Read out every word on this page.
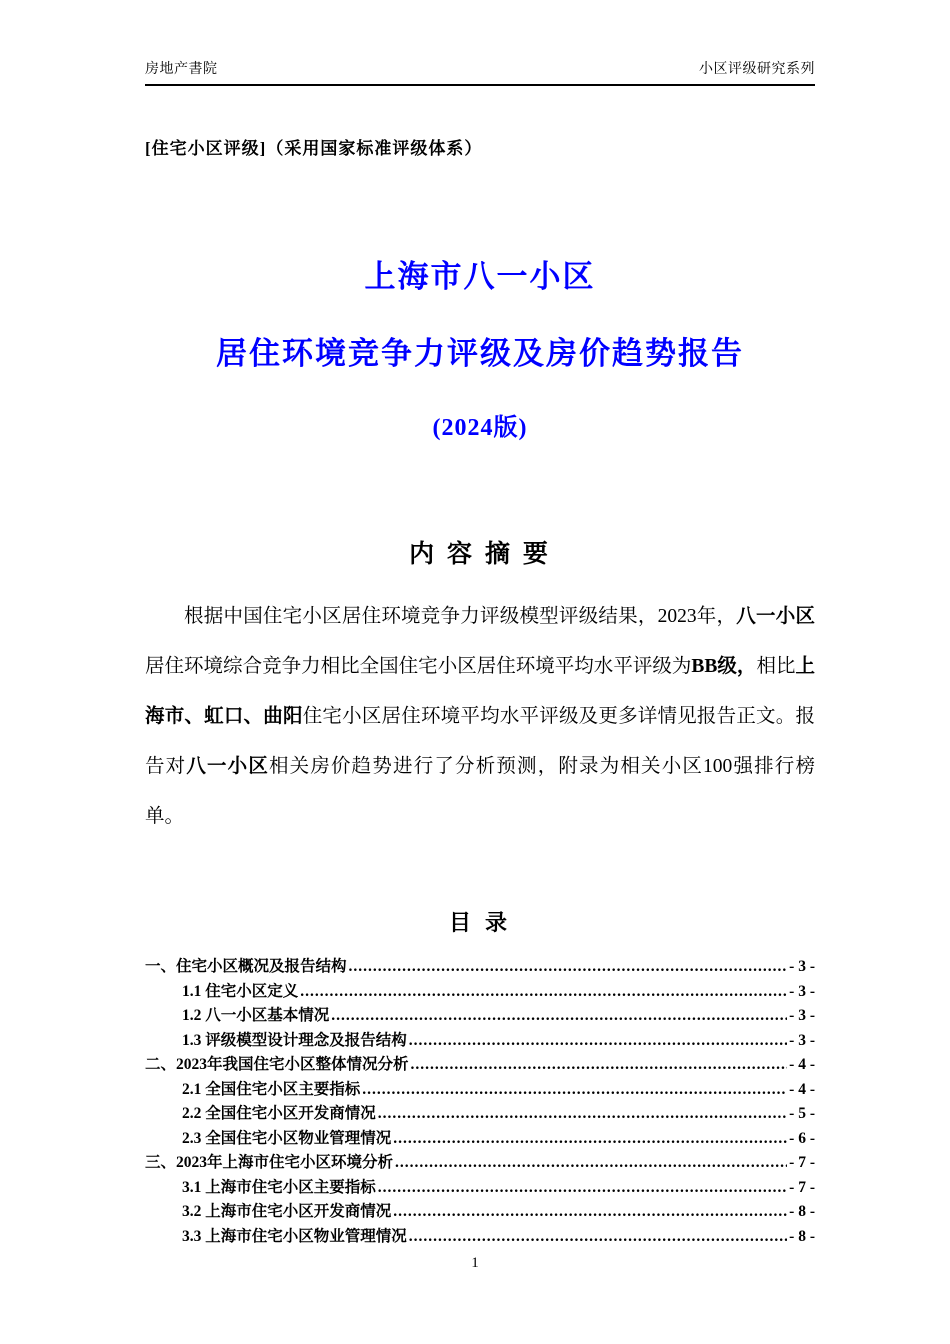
房地产書院	小区评级研究系列
[住宅小区评级]（采用国家标准评级体系）
上海市八一小区
居住环境竞争力评级及房价趋势报告
(2024版)
内 容 摘 要
根据中国住宅小区居住环境竞争力评级模型评级结果，2023年，八一小区居住环境综合竞争力相比全国住宅小区居住环境平均水平评级为BB级，相比上海市、虹口、曲阳住宅小区居住环境平均水平评级及更多详情见报告正文。报告对八一小区相关房价趋势进行了分析预测，附录为相关小区100强排行榜单。
目 录
一、住宅小区概况及报告结构 .....	- 3 -
1.1 住宅小区定义 .....	- 3 -
1.2 八一小区基本情况 .....	- 3 -
1.3 评级模型设计理念及报告结构 .....	- 3 -
二、2023年我国住宅小区整体情况分析 .....	- 4 -
2.1 全国住宅小区主要指标 .....	- 4 -
2.2 全国住宅小区开发商情况 .....	- 5 -
2.3 全国住宅小区物业管理情况 .....	- 6 -
三、2023年上海市住宅小区环境分析 .....	- 7 -
3.1 上海市住宅小区主要指标 .....	- 7 -
3.2 上海市住宅小区开发商情况 .....	- 8 -
3.3 上海市住宅小区物业管理情况 .....	- 8 -
1
